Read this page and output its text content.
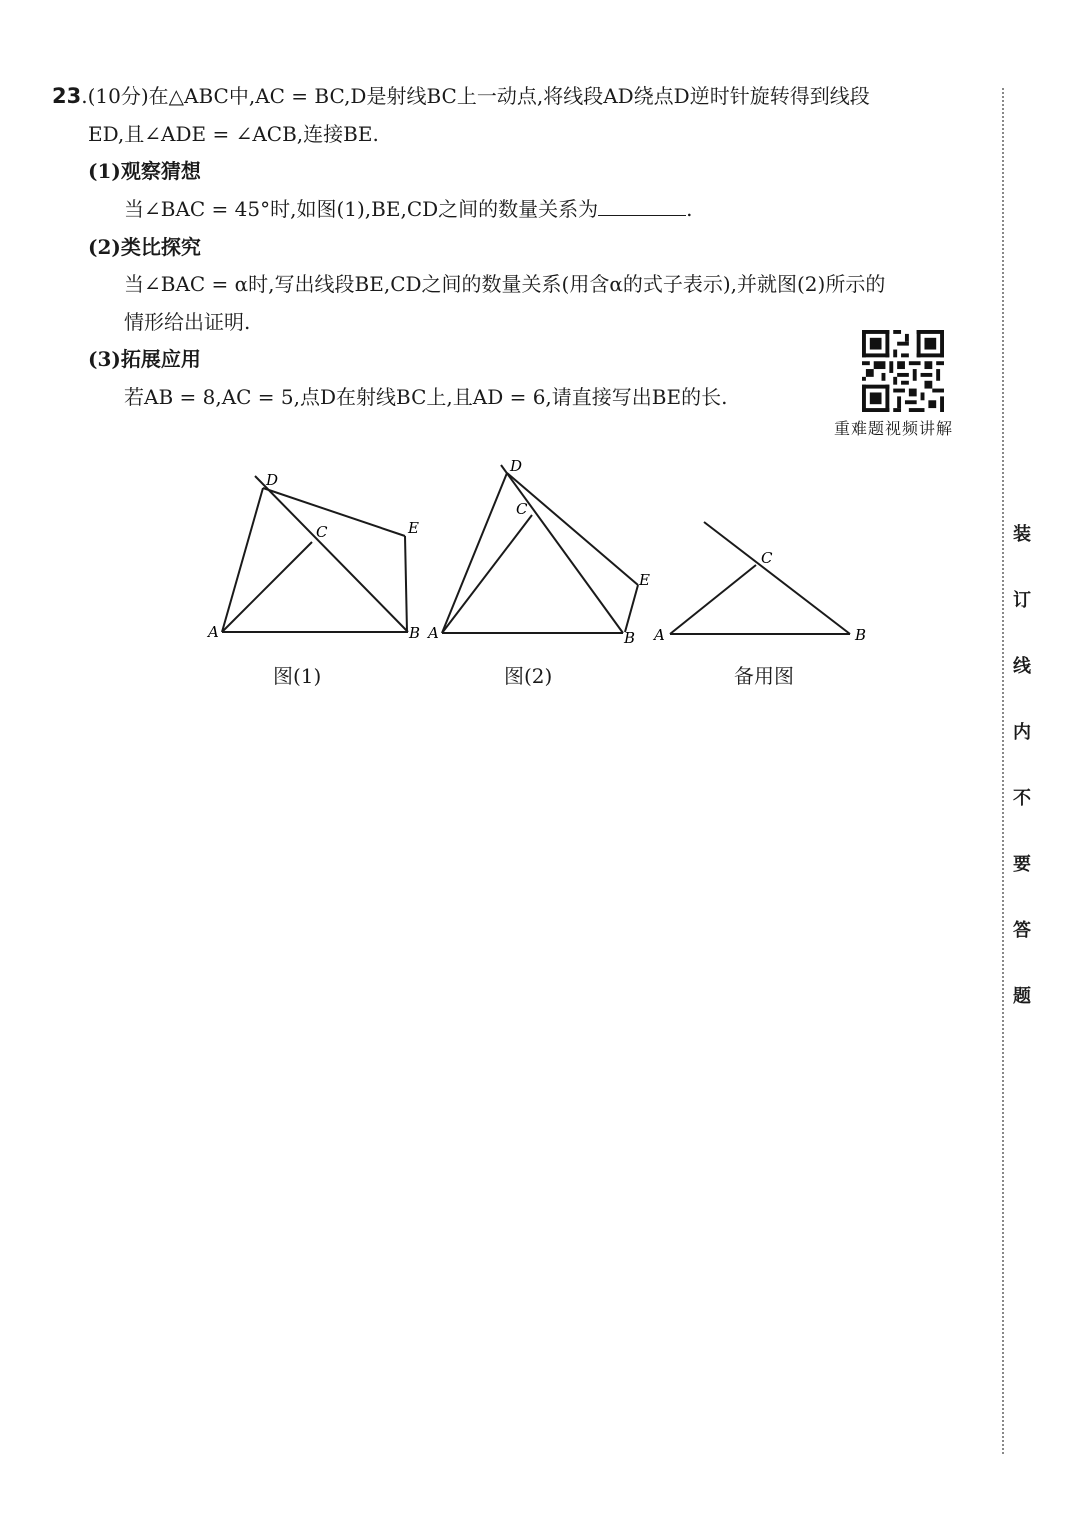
23.(10分)在△ABC中,AC = BC,D是射线BC上一动点,将线段AD绕点D逆时针旋转得到线段
ED,且∠ADE = ∠ACB,连接BE.
(1)观察猜想
当∠BAC = 45°时,如图(1),BE,CD之间的数量关系为	.
(2)类比探究
当∠BAC = α时,写出线段BE,CD之间的数量关系(用含α的式子表示),并就图(2)所示的
情形给出证明.
(3)拓展应用
若AB = 8,AC = 5,点D在射线BC上,且AD = 6,请直接写出BE的长.
重难题视频讲解
A	B
C
D
E
A	B
C
D
E
A	B
C
图(1)	图(2)	备用图
装
订
线
内
不
要
答
题
